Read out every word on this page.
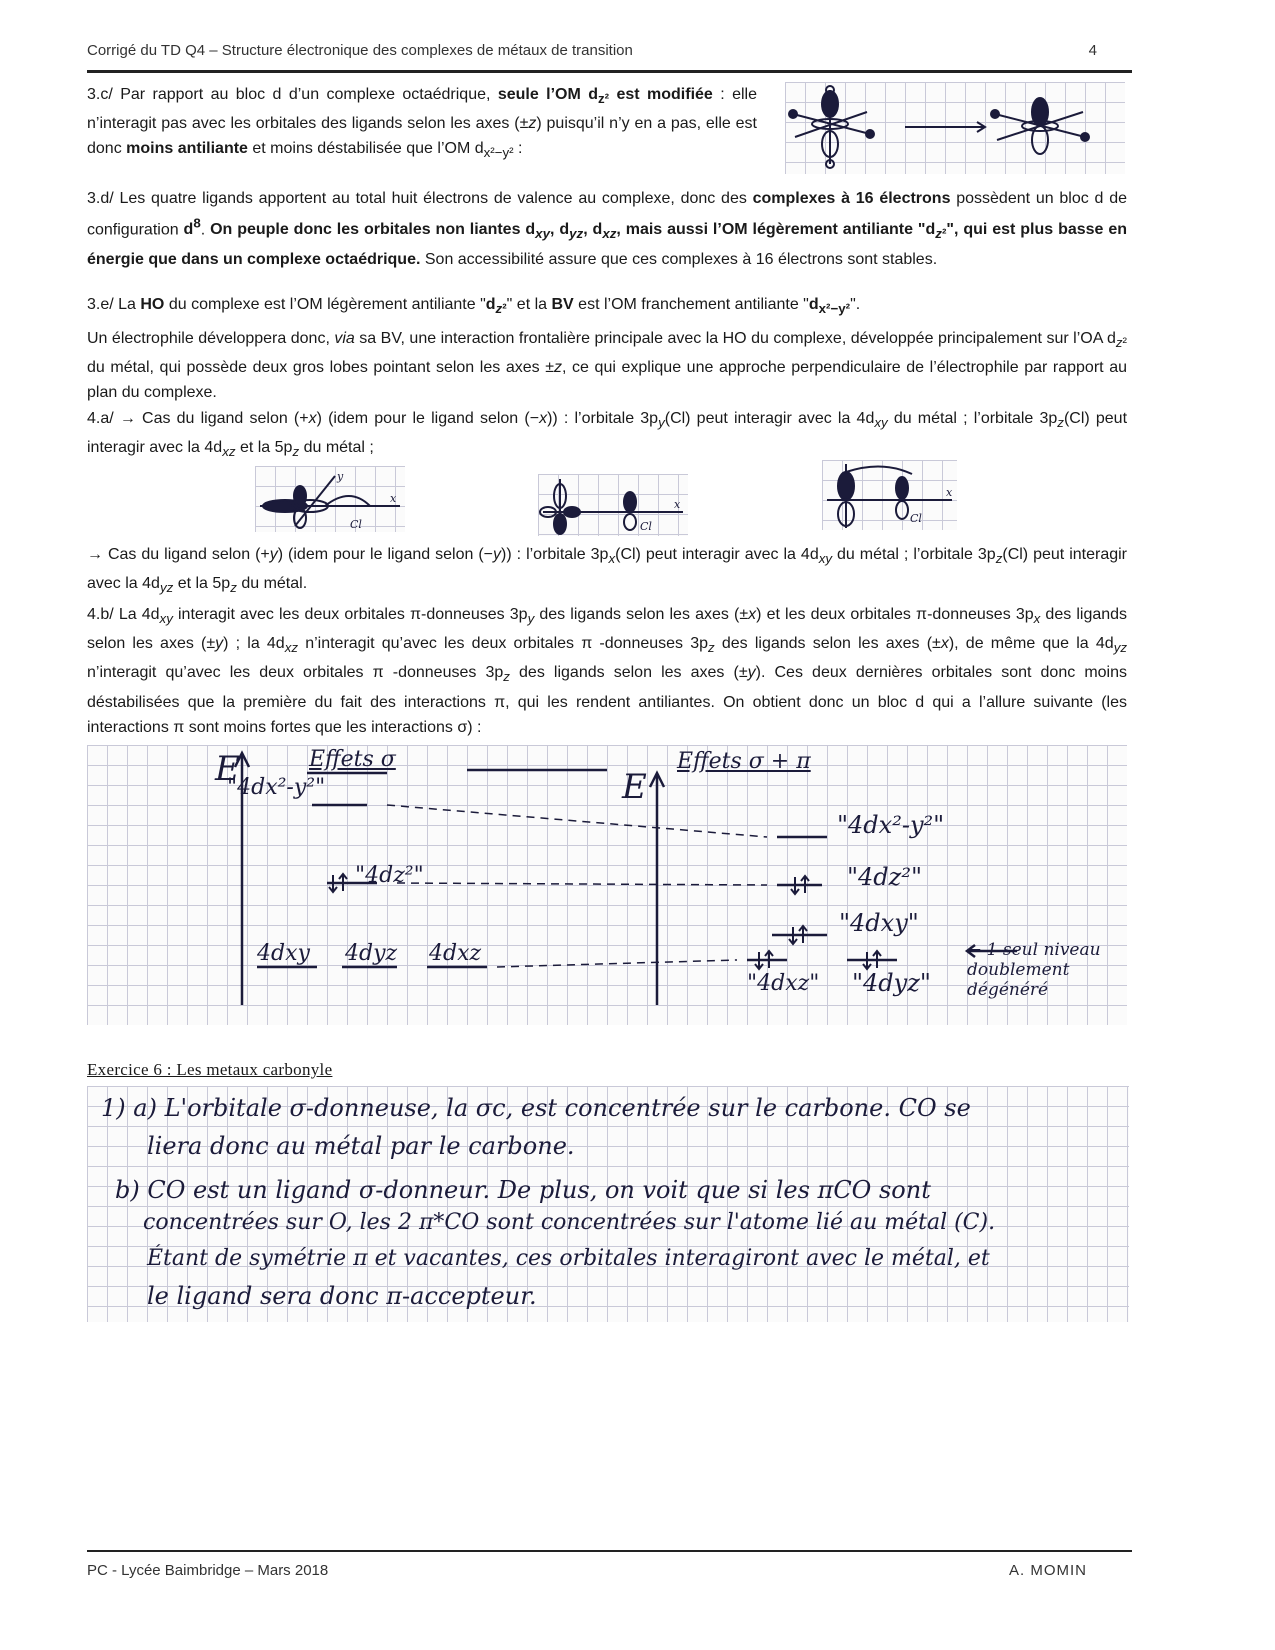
Corrigé du TD Q4 – Structure électronique des complexes de métaux de transition	4
3.c/ Par rapport au bloc d d’un complexe octaédrique, seule l’OM $d_{z^2}$ est modifiée : elle n’interagit pas avec les orbitales des ligands selon les axes (±z) puisqu’il n’y en a pas, elle est donc moins antiliante et moins déstabilisée que l’OM $d_{x^2-y^2}$ :
3.d/ Les quatre ligands apportent au total huit électrons de valence au complexe, donc des complexes à 16 électrons possèdent un bloc d de configuration $d^8$. On peuple donc les orbitales non liantes $d_{xy}$, $d_{yz}$, $d_{xz}$, mais aussi l’OM légèrement antiliante "$d_{z^2}$", qui est plus basse en énergie que dans un complexe octaédrique. Son accessibilité assure que ces complexes à 16 électrons sont stables.
3.e/ La HO du complexe est l’OM légèrement antiliante "$d_{z^2}$" et la BV est l’OM franchement antiliante "$d_{x^2-y^2}$".
Un électrophile développera donc, via sa BV, une interaction frontalière principale avec la HO du complexe, développée principalement sur l’OA $d_{z^2}$ du métal, qui possède deux gros lobes pointant selon les axes ±z, ce qui explique une approche perpendiculaire de l’électrophile par rapport au plan du complexe.
4.a/ → Cas du ligand selon (+x) (idem pour le ligand selon (−x)) : l’orbitale $3p_y(Cl)$ peut interagir avec la $4d_{xy}$ du métal ; l’orbitale $3p_z(Cl)$ peut interagir avec la $4d_{xz}$ et la $5p_z$ du métal ;
y
x
Cl
x
Cl
x
Cl
→ Cas du ligand selon (+y) (idem pour le ligand selon (−y)) : l’orbitale $3p_x(Cl)$ peut interagir avec la $4d_{xy}$ du métal ; l’orbitale $3p_z(Cl)$ peut interagir avec la $4d_{yz}$ et la $5p_z$ du métal.
4.b/ La $4d_{xy}$ interagit avec les deux orbitales π-donneuses $3p_y$ des ligands selon les axes (±x) et les deux orbitales π-donneuses $3p_x$ des ligands selon les axes (±y) ; la $4d_{xz}$ n’interagit qu’avec les deux orbitales π -donneuses $3p_z$ des ligands selon les axes (±x), de même que la $4d_{yz}$ n’interagit qu’avec les deux orbitales π -donneuses $3p_z$ des ligands selon les axes (±y). Ces deux dernières orbitales sont donc moins déstabilisées que la première du fait des interactions π, qui les rendent antiliantes. On obtient donc un bloc d qui a l’allure suivante (les interactions π sont moins fortes que les interactions σ) :
E	E
Effets σ	Effets σ + π
"4dx²-y²"
"4dz²"
4dxy 4dyz 4dxz
"4dx²-y²"
"4dz²"
"4dxy"
"4dxz" "4dyz"
← 1 seul niveau doublement dégénéré
Exercice 6 : Les metaux carbonyle
1) a) L'orbitale σ-donneuse, la σc, est concentrée sur le carbone. CO se
liera donc au métal par le carbone.
b) CO est un ligand σ-donneur. De plus, on voit que si les πCO sont
concentrées sur O, les 2 π*CO sont concentrées sur l'atome lié au métal (C).
Étant de symétrie π et vacantes, ces orbitales interagiront avec le métal, et
le ligand sera donc π-accepteur.
PC - Lycée Baimbridge – Mars 2018	A. MOMIN
